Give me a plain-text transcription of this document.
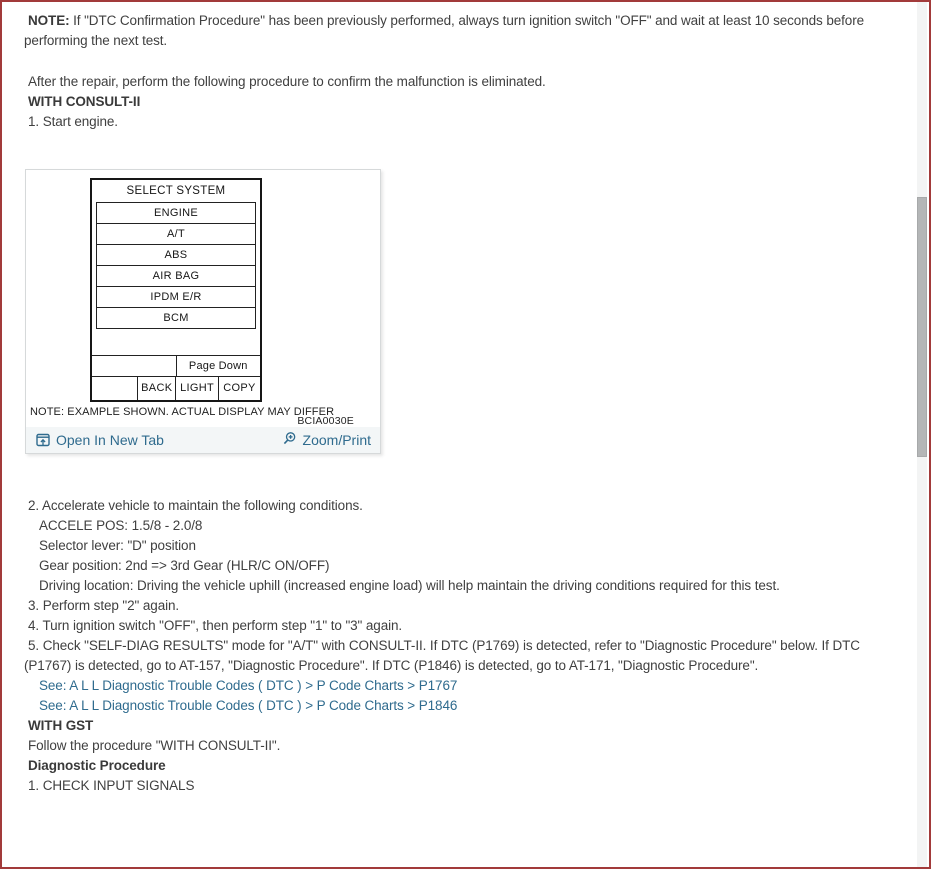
NOTE: If "DTC Confirmation Procedure" has been previously performed, always turn ignition switch "OFF" and wait at least 10 seconds before performing the next test.

After the repair, perform the following procedure to confirm the malfunction is eliminated.

WITH CONSULT-II

1. Start engine.
SELECT SYSTEM
ENGINE
A/T
ABS
AIR BAG
IPDM E/R
BCM
Page Down
BACK LIGHT COPY
NOTE: EXAMPLE SHOWN. ACTUAL DISPLAY MAY DIFFER
BCIA0030E
Open In New Tab	Zoom/Print
2. Accelerate vehicle to maintain the following conditions.
ACCELE POS: 1.5/8 - 2.0/8
Selector lever: "D" position
Gear position: 2nd => 3rd Gear (HLR/C ON/OFF)
Driving location: Driving the vehicle uphill (increased engine load) will help maintain the driving conditions required for this test.
3. Perform step "2" again.
4. Turn ignition switch "OFF", then perform step "1" to "3" again.

5. Check "SELF-DIAG RESULTS" mode for "A/T" with CONSULT-II. If DTC (P1769) is detected, refer to "Diagnostic Procedure" below. If DTC (P1767) is detected, go to AT-157, "Diagnostic Procedure". If DTC (P1846) is detected, go to AT-171, "Diagnostic Procedure".

See: A L L Diagnostic Trouble Codes ( DTC ) > P Code Charts > P1767
See: A L L Diagnostic Trouble Codes ( DTC ) > P Code Charts > P1846

WITH GST

Follow the procedure "WITH CONSULT-II".

Diagnostic Procedure

1. CHECK INPUT SIGNALS
